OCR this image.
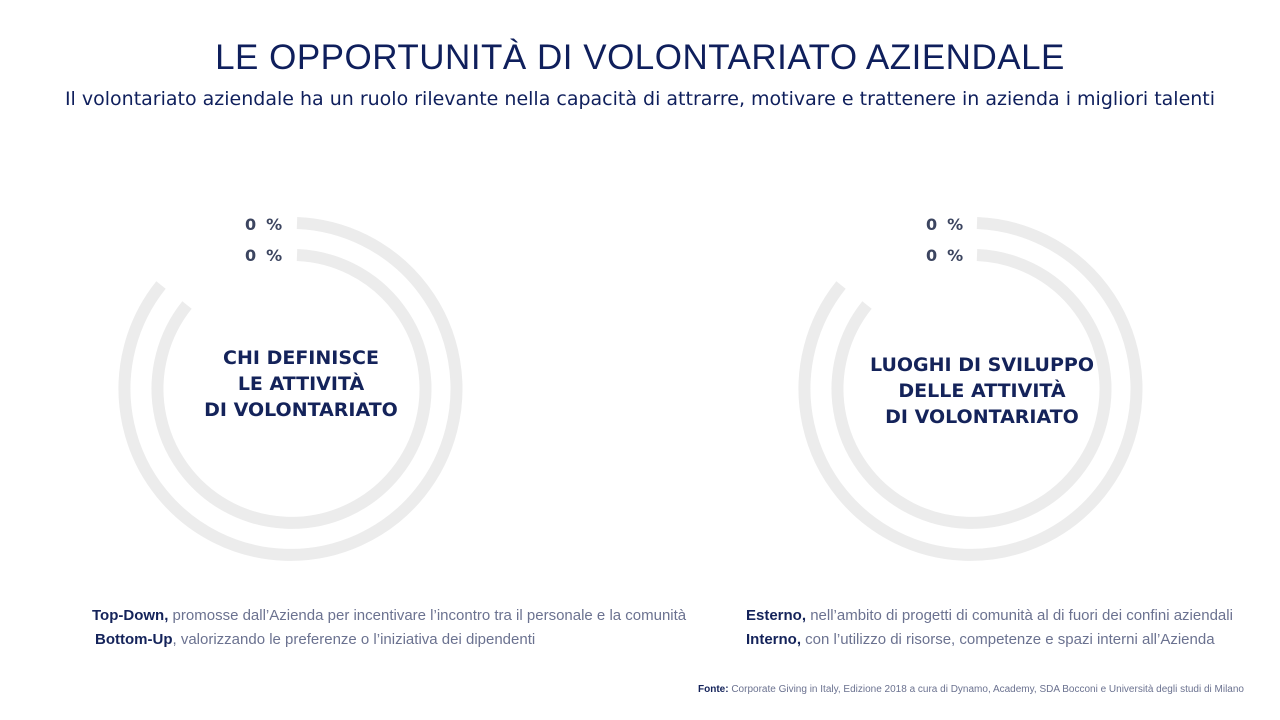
LE OPPORTUNITÀ DI VOLONTARIATO AZIENDALE
Il volontariato aziendale ha un ruolo rilevante nella capacità di attrarre, motivare e trattenere in azienda i migliori talenti
0 %
0 %
0 %
0 %
CHI DEFINISCE
LE ATTIVITÀ
DI VOLONTARIATO
LUOGHI DI SVILUPPO
DELLE ATTIVITÀ
DI VOLONTARIATO
Top-Down, promosse dall’Azienda per incentivare l’incontro tra il personale e la comunità
Bottom-Up, valorizzando le preferenze o l’iniziativa dei dipendenti
Esterno, nell’ambito di progetti di comunità al di fuori dei confini aziendali
Interno, con l’utilizzo di risorse, competenze e spazi interni all’Azienda
Fonte: Corporate Giving in Italy, Edizione 2018 a cura di Dynamo, Academy, SDA Bocconi e Università degli studi di Milano
